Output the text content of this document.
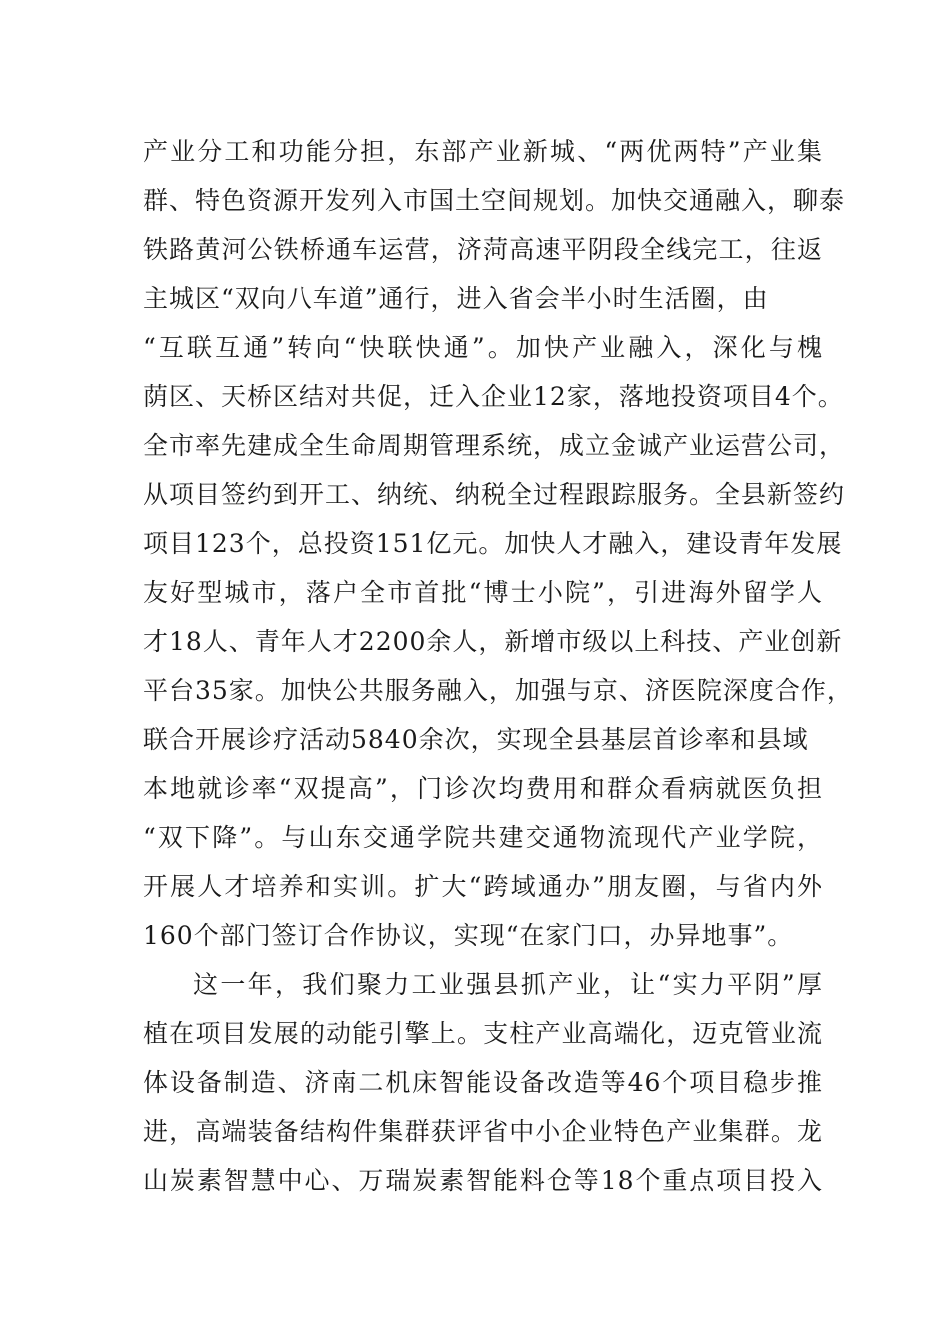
产业分工和功能分担，东部产业新城、“两优两特”产业集
群、特色资源开发列入市国土空间规划。加快交通融入，聊泰
铁路黄河公铁桥通车运营，济菏高速平阴段全线完工，往返
主城区“双向八车道”通行，进入省会半小时生活圈，由
“互联互通”转向“快联快通”。加快产业融入，深化与槐
荫区、天桥区结对共促，迁入企业12家，落地投资项目4个。
全市率先建成全生命周期管理系统，成立金诚产业运营公司，
从项目签约到开工、纳统、纳税全过程跟踪服务。全县新签约
项目123个，总投资151亿元。加快人才融入，建设青年发展
友好型城市，落户全市首批“博士小院”，引进海外留学人
才18人、青年人才2200余人，新增市级以上科技、产业创新
平台35家。加快公共服务融入，加强与京、济医院深度合作，
联合开展诊疗活动5840余次，实现全县基层首诊率和县域
本地就诊率“双提高”，门诊次均费用和群众看病就医负担
“双下降”。与山东交通学院共建交通物流现代产业学院，
开展人才培养和实训。扩大“跨域通办”朋友圈，与省内外
160个部门签订合作协议，实现“在家门口，办异地事”。
这一年，我们聚力工业强县抓产业，让“实力平阴”厚
植在项目发展的动能引擎上。支柱产业高端化，迈克管业流
体设备制造、济南二机床智能设备改造等46个项目稳步推
进，高端装备结构件集群获评省中小企业特色产业集群。龙
山炭素智慧中心、万瑞炭素智能料仓等18个重点项目投入
